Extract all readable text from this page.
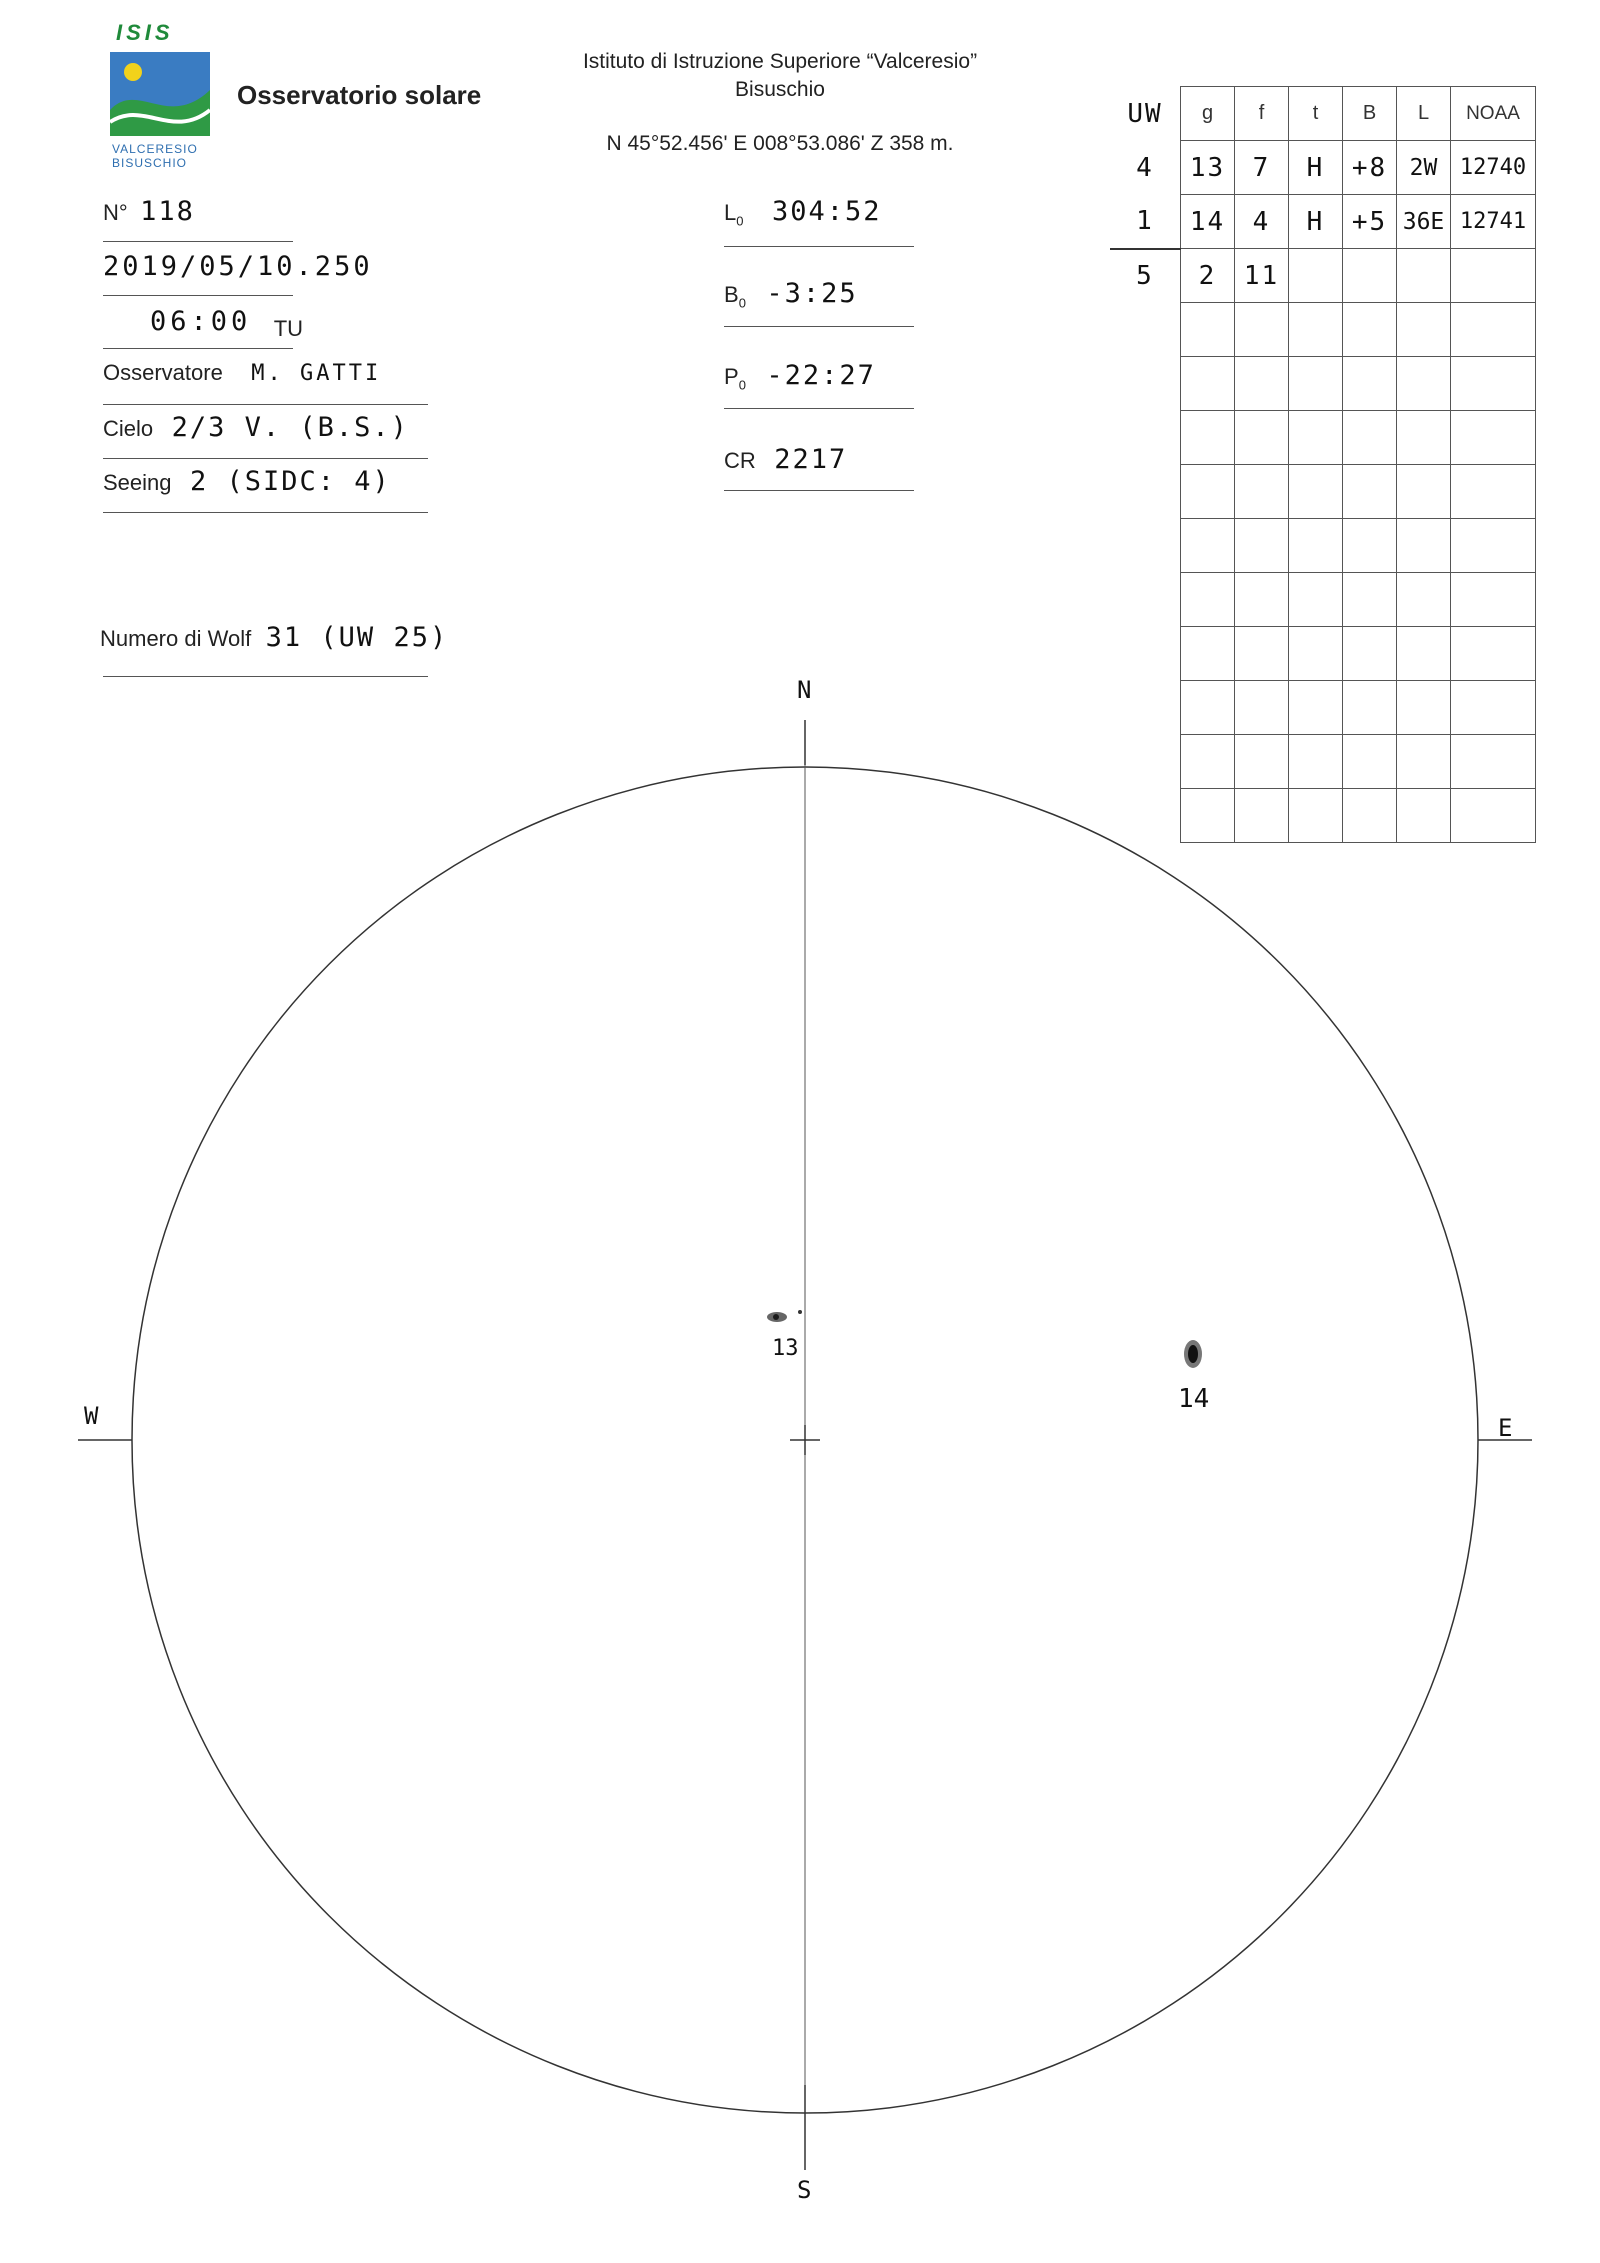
ISIS
VALCERESIO
BISUSCHIO
Osservatorio solare
Istituto di Istruzione Superiore “Valceresio”
Bisuschio
N 45°52.456' E 008°53.086' Z 358 m.
N° 118
2019/05/10.250
06:00 TU
Osservatore M. GATTI
Cielo 2/3 V. (B.S.)
Seeing 2 (SIDC: 4)
Numero di Wolf 31 (UW 25)
$L_0$ 304:52
$B_0$ -3:25
$P_0$ -22:27
CR 2217
UW	g	f	t	B	L	NOAA
4	13	7	H	+8	2W	12740
1	14	4	H	+5	36E	12741
5	2	11				

N
S
W	E
13
14
